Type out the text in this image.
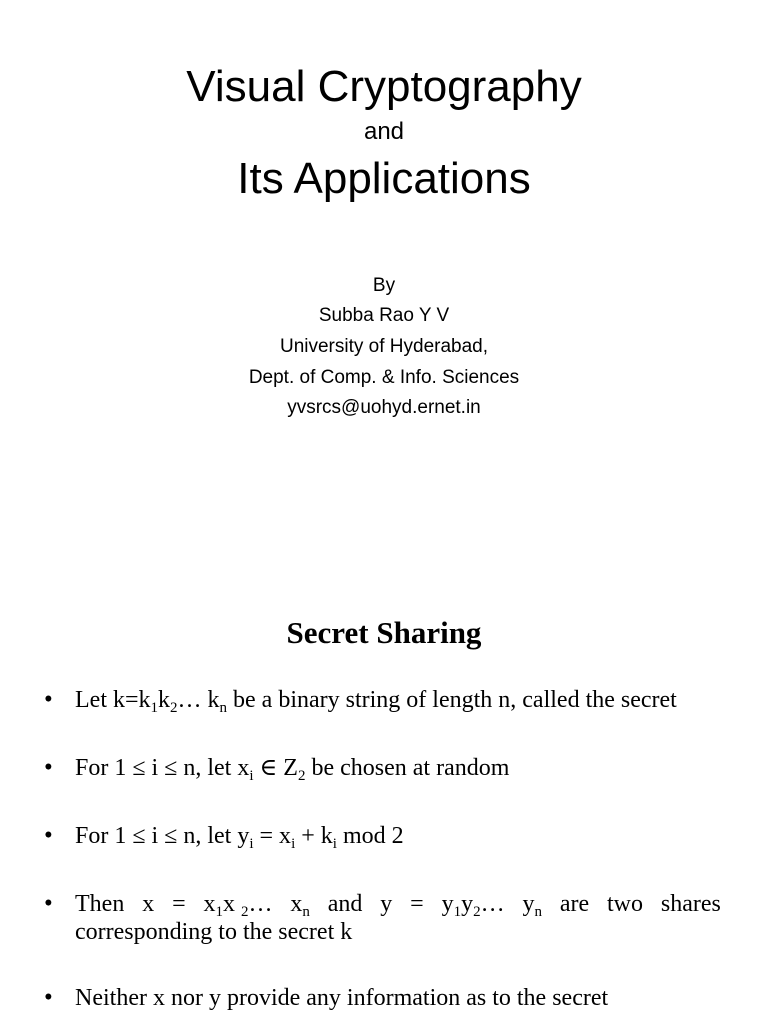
Visual Cryptography
and
Its Applications
By
Subba Rao Y V
University of Hyderabad,
Dept. of Comp. & Info. Sciences
yvsrcs@uohyd.ernet.in
Secret Sharing
• Let $k=k_1k_2\dots$ $k_n$ be a binary string of length n, called the secret
• For 1 ≤ i ≤ n, let $x_i$ ∈ $Z_2$ be chosen at random
• For 1 ≤ i ≤ n, let $y_i = x_i + k_i$ mod 2
• Then $x = x_1x$ $_2$… $x_n$ and $y = y_1y_2\dots$ $y_n$ are two shares
corresponding to the secret k
• Neither x nor y provide any information as to the secret
